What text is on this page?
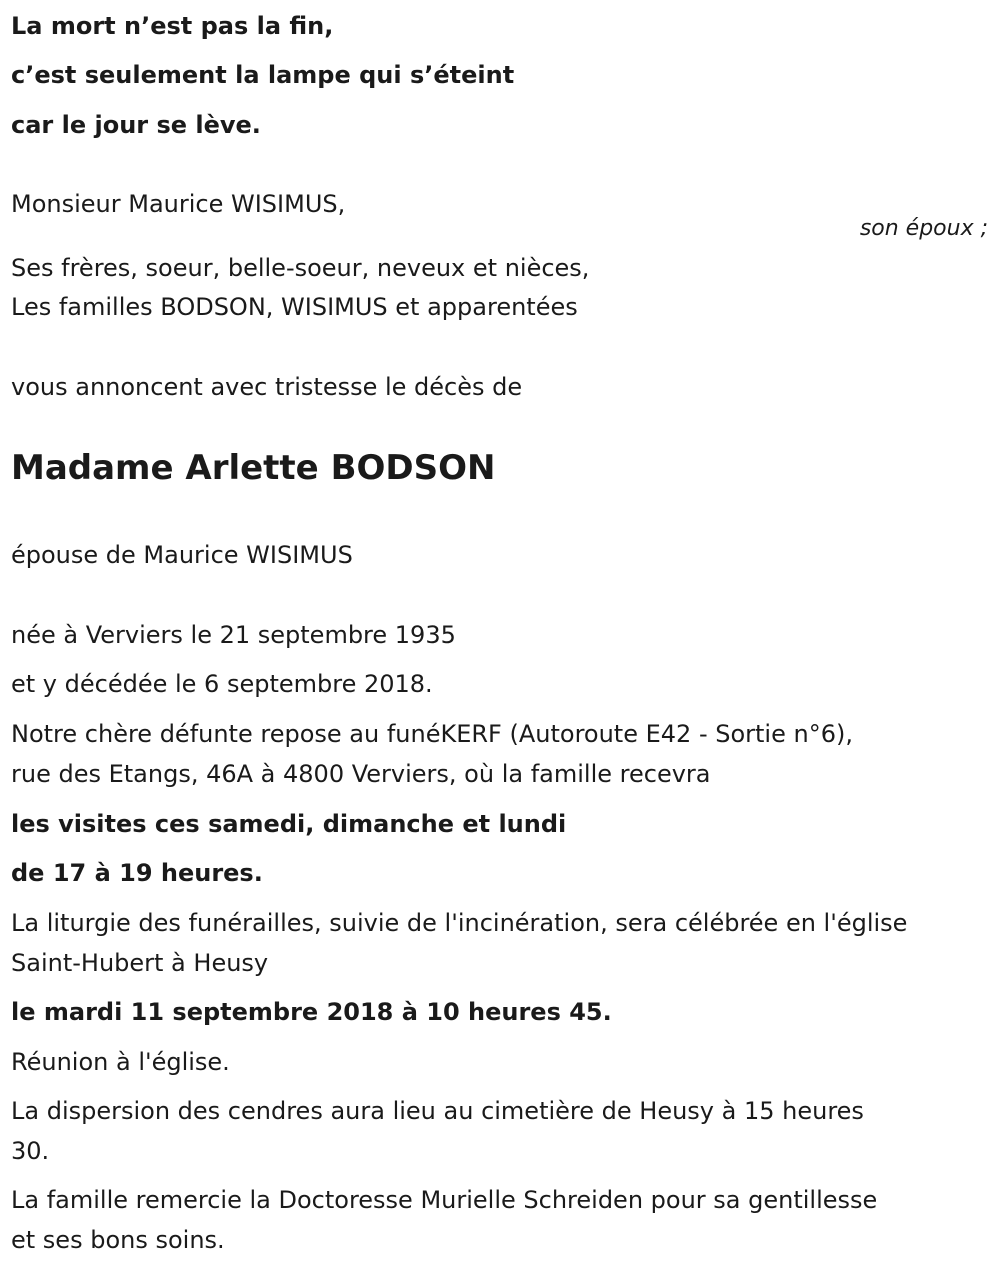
La mort n’est pas la fin,

c’est seulement la lampe qui s’éteint

car le jour se lève.

Monsieur Maurice WISIMUS,

son époux ;

Ses frères, soeur, belle-soeur, neveux et nièces,

Les familles BODSON, WISIMUS et apparentées

vous annoncent avec tristesse le décès de

Madame Arlette BODSON

épouse de Maurice WISIMUS

née à Verviers le 21 septembre 1935

et y décédée le 6 septembre 2018.

Notre chère défunte repose au funéKERF (Autoroute E42 - Sortie n°6),

rue des Etangs, 46A à 4800 Verviers, où la famille recevra

les visites ces samedi, dimanche et lundi

de 17 à 19 heures.

La liturgie des funérailles, suivie de l'incinération, sera célébrée en l'église

Saint-Hubert à Heusy

le mardi 11 septembre 2018 à 10 heures 45.

Réunion à l'église.

La dispersion des cendres aura lieu au cimetière de Heusy à 15 heures

30.

La famille remercie la Doctoresse Murielle Schreiden pour sa gentillesse

et ses bons soins.
